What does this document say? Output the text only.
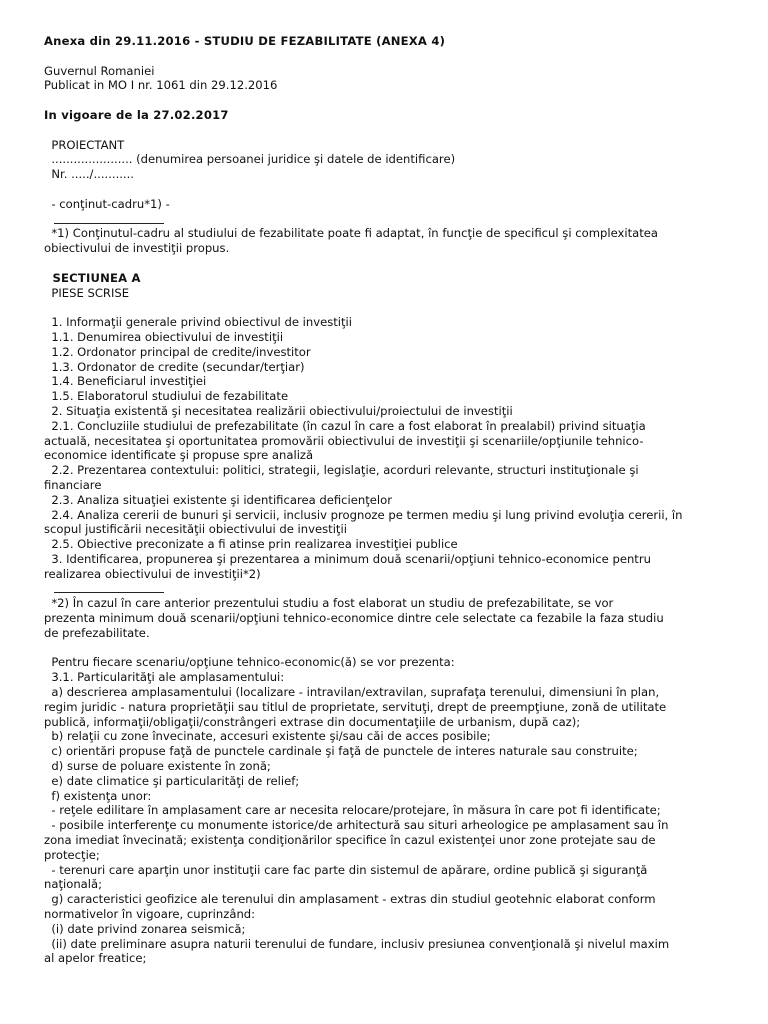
Anexa din 29.11.2016 - STUDIU DE FEZABILITATE (ANEXA 4)
Guvernul Romaniei
Publicat in MO I nr. 1061 din 29.12.2016
In vigoare de la 27.02.2017
PROIECTANT
...................... (denumirea persoanei juridice şi datele de identificare)
Nr. ...../...........
- conţinut-cadru*1) -
*1) Conţinutul-cadru al studiului de fezabilitate poate fi adaptat, în funcţie de specificul şi complexitatea
obiectivului de investiţii propus.
SECTIUNEA A
PIESE SCRISE
1. Informaţii generale privind obiectivul de investiţii
1.1. Denumirea obiectivului de investiţii
1.2. Ordonator principal de credite/investitor
1.3. Ordonator de credite (secundar/terţiar)
1.4. Beneficiarul investiţiei
1.5. Elaboratorul studiului de fezabilitate
2. Situaţia existentă şi necesitatea realizării obiectivului/proiectului de investiţii
2.1. Concluziile studiului de prefezabilitate (în cazul în care a fost elaborat în prealabil) privind situaţia
actuală, necesitatea şi oportunitatea promovării obiectivului de investiţii şi scenariile/opţiunile tehnico-
economice identificate şi propuse spre analiză
2.2. Prezentarea contextului: politici, strategii, legislaţie, acorduri relevante, structuri instituţionale şi
financiare
2.3. Analiza situaţiei existente şi identificarea deficienţelor
2.4. Analiza cererii de bunuri şi servicii, inclusiv prognoze pe termen mediu şi lung privind evoluţia cererii, în
scopul justificării necesităţii obiectivului de investiţii
2.5. Obiective preconizate a fi atinse prin realizarea investiţiei publice
3. Identificarea, propunerea şi prezentarea a minimum două scenarii/opţiuni tehnico-economice pentru
realizarea obiectivului de investiţii*2)
*2) În cazul în care anterior prezentului studiu a fost elaborat un studiu de prefezabilitate, se vor
prezenta minimum două scenarii/opţiuni tehnico-economice dintre cele selectate ca fezabile la faza studiu
de prefezabilitate.
Pentru fiecare scenariu/opţiune tehnico-economic(ă) se vor prezenta:
3.1. Particularităţi ale amplasamentului:
a) descrierea amplasamentului (localizare - intravilan/extravilan, suprafaţa terenului, dimensiuni în plan,
regim juridic - natura proprietăţii sau titlul de proprietate, servituţi, drept de preempţiune, zonă de utilitate
publică, informaţii/obligaţii/constrângeri extrase din documentaţiile de urbanism, după caz);
b) relaţii cu zone învecinate, accesuri existente şi/sau căi de acces posibile;
c) orientări propuse faţă de punctele cardinale şi faţă de punctele de interes naturale sau construite;
d) surse de poluare existente în zonă;
e) date climatice şi particularităţi de relief;
f) existenţa unor:
- reţele edilitare în amplasament care ar necesita relocare/protejare, în măsura în care pot fi identificate;
- posibile interferenţe cu monumente istorice/de arhitectură sau situri arheologice pe amplasament sau în
zona imediat învecinată; existenţa condiţionărilor specifice în cazul existenţei unor zone protejate sau de
protecţie;
- terenuri care aparţin unor instituţii care fac parte din sistemul de apărare, ordine publică şi siguranţă
naţională;
g) caracteristici geofizice ale terenului din amplasament - extras din studiul geotehnic elaborat conform
normativelor în vigoare, cuprinzând:
(i) date privind zonarea seismică;
(ii) date preliminare asupra naturii terenului de fundare, inclusiv presiunea convenţională şi nivelul maxim
al apelor freatice;
